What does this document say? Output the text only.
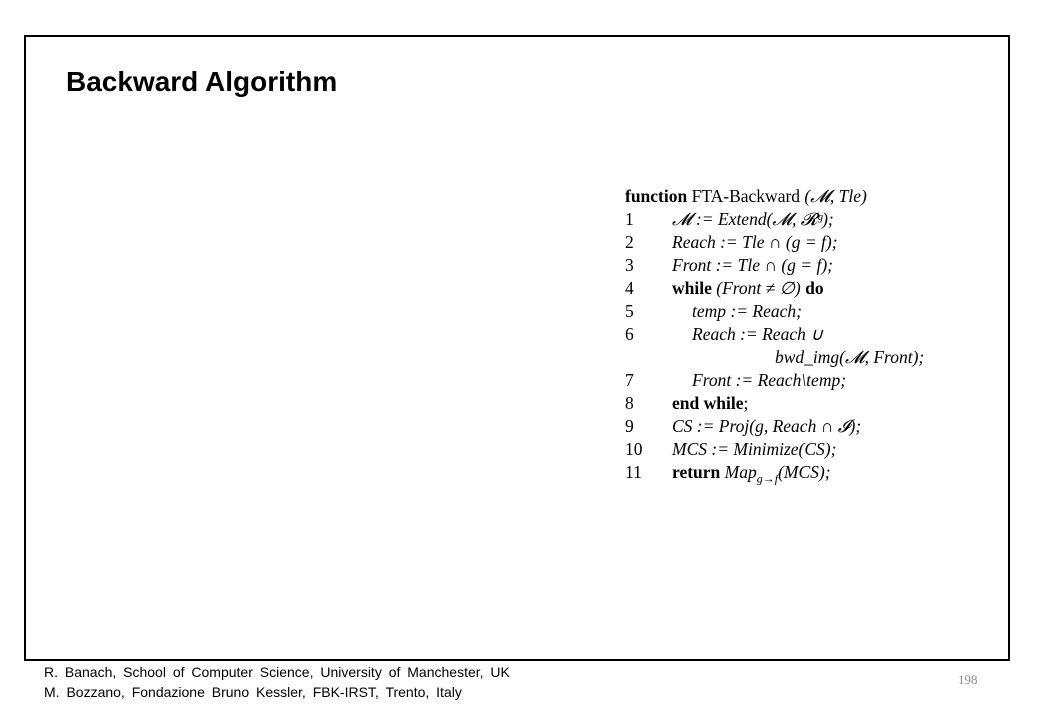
Backward Algorithm
function FTA-Backward (𝓜, Tle)
1 𝓜 := Extend(𝓜, 𝓡ᵍ);
2 Reach := Tle ∩ (g = f);
3 Front := Tle ∩ (g = f);
4 while (Front ≠ ∅) do
5	temp := Reach;
6	Reach := Reach ∪
bwd_img(𝓜, Front);
7	Front := Reach\temp;
8 end while;
9 CS := Proj(g, Reach ∩ 𝓘);
10 MCS := Minimize(CS);
11 return Map$_{g\to f}$(MCS);
R. Banach, School of Computer Science, University of Manchester, UK
M. Bozzano, Fondazione Bruno Kessler, FBK-IRST, Trento, Italy
198
